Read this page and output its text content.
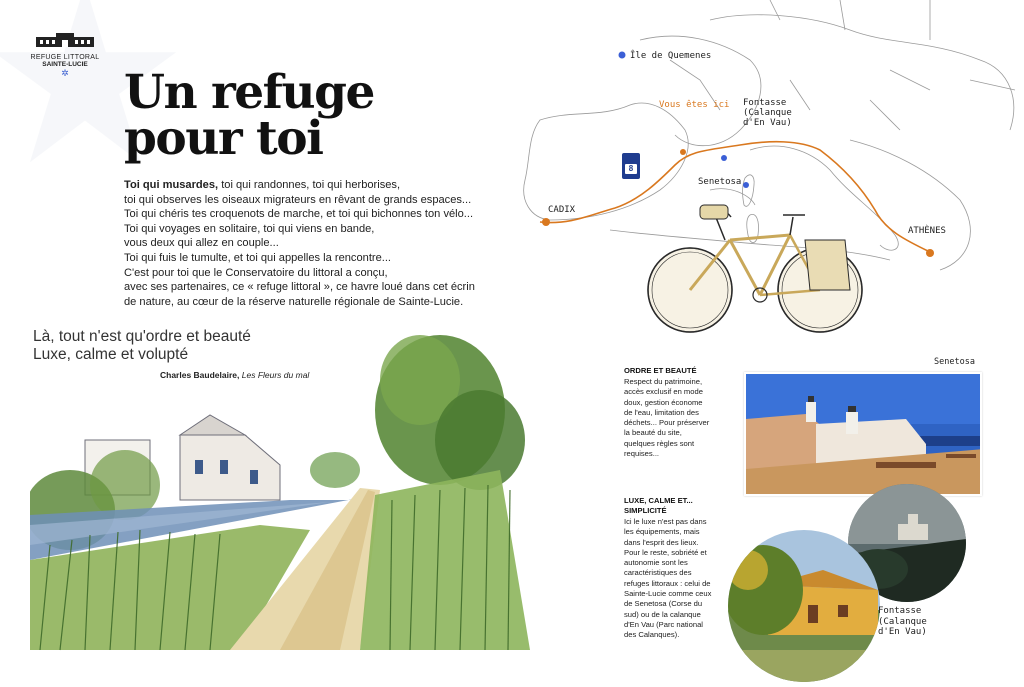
REFUGE LITTORAL
SAINTE-LUCIE
✲	Un refuge
pour toi
Toi qui musardes, toi qui randonnes, toi qui herborises,
toi qui observes les oiseaux migrateurs en rêvant de grands espaces...
Toi qui chéris tes croquenots de marche, et toi qui bichonnes ton vélo...
Toi qui voyages en solitaire, toi qui viens en bande,
vous deux qui allez en couple...
Toi qui fuis le tumulte, et toi qui appelles la rencontre...
C'est pour toi que le Conservatoire du littoral a conçu,
avec ses partenaires, ce « refuge littoral », ce havre loué dans cet écrin
de nature, au cœur de la réserve naturelle régionale de Sainte-Lucie.
Là, tout n'est qu'ordre et beauté
Luxe, calme et volupté
Charles Baudelaire, Les Fleurs du mal
Île de Quemenes
Vous êtes ici Fontasse
(Calanque
d'En Vau)
Senetosa
CADIX
ATHÈNES
8
ORDRE ET BEAUTÉ
Respect du patrimoine,
accès exclusif en mode
doux, gestion économe
de l'eau, limitation des
déchets... Pour préserver
la beauté du site,
quelques règles sont
requises...
LUXE, CALME ET...
SIMPLICITÉ
Ici le luxe n'est pas dans
les équipements, mais
dans l'esprit des lieux.
Pour le reste, sobriété et
autonomie sont les
caractéristiques des
refuges littoraux : celui de
Sainte-Lucie comme ceux
de Senetosa (Corse du
sud) ou de la calanque
d'En Vau (Parc national
des Calanques).
Senetosa
Fontasse
(Calanque
d'En Vau)
